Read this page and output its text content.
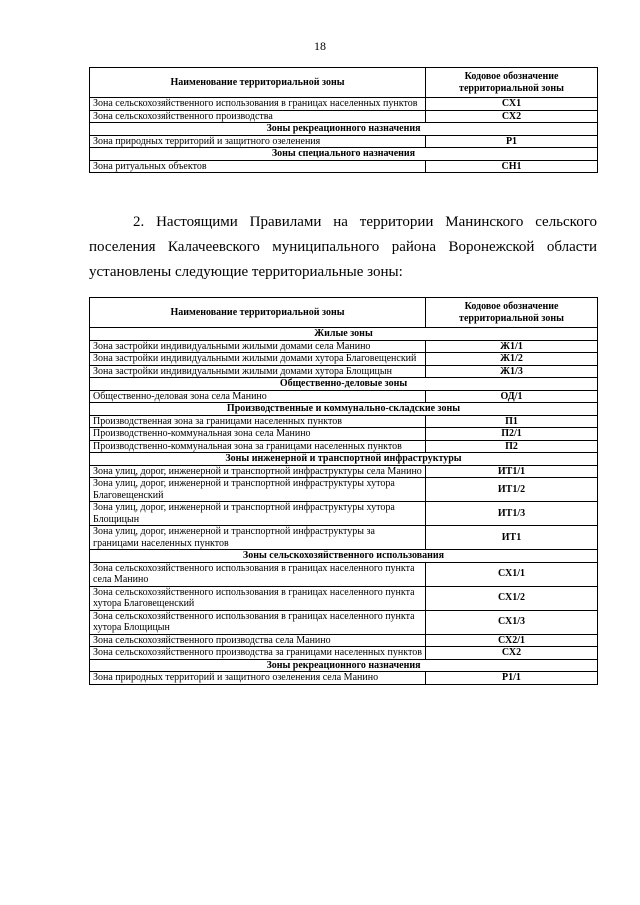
18
Наименование территориальной зоны	Кодовое обозначение территориальной зоны
Зона сельскохозяйственного использования в границах населенных пунктов	СХ1
Зона сельскохозяйственного производства	СХ2
Зоны рекреационного назначения	
Зона природных территорий и защитного озеленения	Р1
Зоны специального назначения	
Зона ритуальных объектов	СН1
2. Настоящими Правилами на территории Манинского сельского
поселения Калачеевского муниципального района Воронежской области
установлены следующие территориальные зоны:
Наименование территориальной зоны	Кодовое обозначение территориальной зоны
Жилые зоны	
Зона застройки индивидуальными жилыми домами села Манино	Ж1/1
Зона застройки индивидуальными жилыми домами хутора Благовещенский	Ж1/2
Зона застройки индивидуальными жилыми домами хутора Блощицын	Ж1/3
Общественно-деловые зоны	
Общественно-деловая зона села Манино	ОД/1
Производственные и коммунально-складские зоны	
Производственная зона за границами населенных пунктов	П1
Производственно-коммунальная зона села Манино	П2/1
Производственно-коммунальная зона за границами населенных пунктов	П2
Зоны инженерной и транспортной инфраструктуры	
Зона улиц, дорог, инженерной и транспортной инфраструктуры села Манино	ИТ1/1
Зона улиц, дорог, инженерной и транспортной инфраструктуры хутора Благовещенский	ИТ1/2
Зона улиц, дорог, инженерной и транспортной инфраструктуры хутора Блощицын	ИТ1/3
Зона улиц, дорог, инженерной и транспортной инфраструктуры за границами населенных пунктов	ИТ1
Зоны сельскохозяйственного использования	
Зона сельскохозяйственного использования в границах населенного пункта села Манино	СХ1/1
Зона сельскохозяйственного использования в границах населенного пункта хутора Благовещенский	СХ1/2
Зона сельскохозяйственного использования в границах населенного пункта хутора Блощицын	СХ1/3
Зона сельскохозяйственного производства села Манино	СХ2/1
Зона сельскохозяйственного производства за границами населенных пунктов	СХ2
Зоны рекреационного назначения	
Зона природных территорий и защитного озеленения села Манино	Р1/1
